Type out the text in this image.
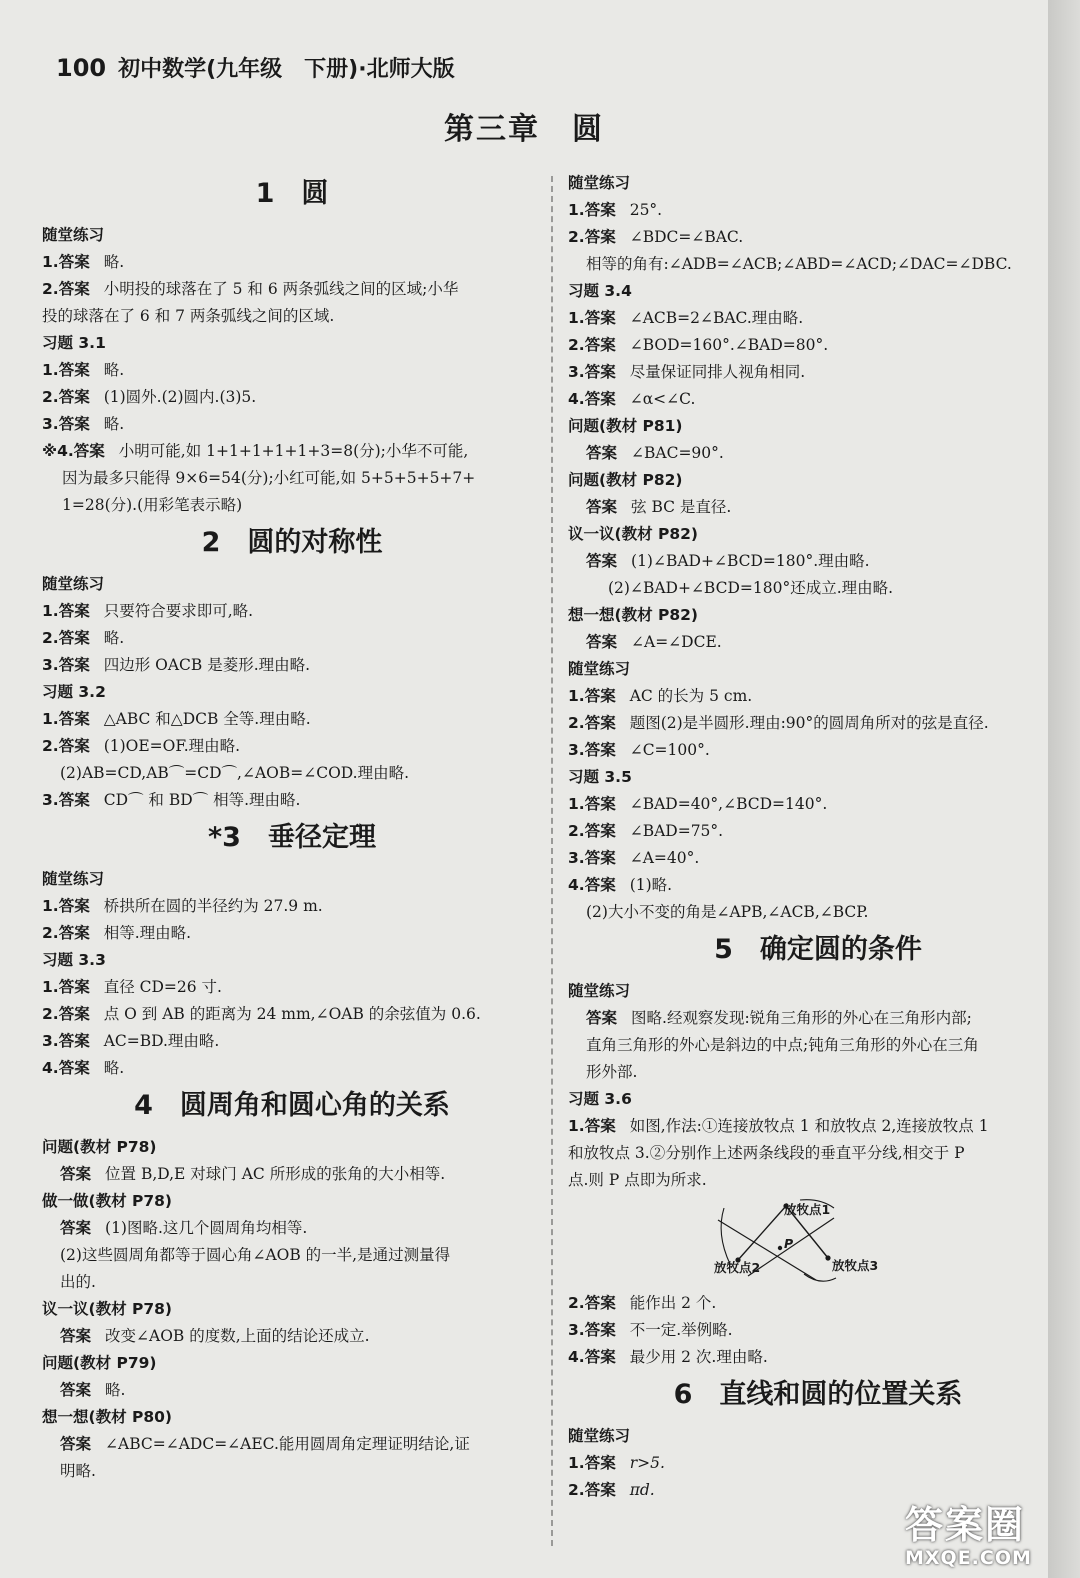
100 初中数学(九年级　下册)·北师大版
第三章　圆
1　圆
随堂练习
1.答案 略.
2.答案 小明投的球落在了 5 和 6 两条弧线之间的区域;小华
投的球落在了 6 和 7 两条弧线之间的区域.
习题 3.1
1.答案 略.
2.答案 (1)圆外.(2)圆内.(3)5.
3.答案 略.
※4.答案 小明可能,如 1+1+1+1+1+3=8(分);小华不可能,
因为最多只能得 9×6=54(分);小红可能,如 5+5+5+5+7+
1=28(分).(用彩笔表示略)
2　圆的对称性
随堂练习
1.答案 只要符合要求即可,略.
2.答案 略.
3.答案 四边形 OACB 是菱形.理由略.
习题 3.2
1.答案 △ABC 和△DCB 全等.理由略.
2.答案 (1)OE=OF.理由略.
(2)AB=CD,AB⌒=CD⌒,∠AOB=∠COD.理由略.
3.答案 CD⌒ 和 BD⌒ 相等.理由略.
*3　垂径定理
随堂练习
1.答案 桥拱所在圆的半径约为 27.9 m.
2.答案 相等.理由略.
习题 3.3
1.答案 直径 CD=26 寸.
2.答案 点 O 到 AB 的距离为 24 mm,∠OAB 的余弦值为 0.6.
3.答案 AC=BD.理由略.
4.答案 略.
4　圆周角和圆心角的关系
问题(教材 P78)
答案 位置 B,D,E 对球门 AC 所形成的张角的大小相等.
做一做(教材 P78)
答案 (1)图略.这几个圆周角均相等.
(2)这些圆周角都等于圆心角∠AOB 的一半,是通过测量得
出的.
议一议(教材 P78)
答案 改变∠AOB 的度数,上面的结论还成立.
问题(教材 P79)
答案 略.
想一想(教材 P80)
答案 ∠ABC=∠ADC=∠AEC.能用圆周角定理证明结论,证
明略.
随堂练习
1.答案 25°.
2.答案 ∠BDC=∠BAC.
相等的角有:∠ADB=∠ACB;∠ABD=∠ACD;∠DAC=∠DBC.
习题 3.4
1.答案 ∠ACB=2∠BAC.理由略.
2.答案 ∠BOD=160°.∠BAD=80°.
3.答案 尽量保证同排人视角相同.
4.答案 ∠α<∠C.
问题(教材 P81)
答案 ∠BAC=90°.
问题(教材 P82)
答案 弦 BC 是直径.
议一议(教材 P82)
答案 (1)∠BAD+∠BCD=180°.理由略.
(2)∠BAD+∠BCD=180°还成立.理由略.
想一想(教材 P82)
答案 ∠A=∠DCE.
随堂练习
1.答案 AC 的长为 5 cm.
2.答案 题图(2)是半圆形.理由:90°的圆周角所对的弦是直径.
3.答案 ∠C=100°.
习题 3.5
1.答案 ∠BAD=40°,∠BCD=140°.
2.答案 ∠BAD=75°.
3.答案 ∠A=40°.
4.答案 (1)略.
(2)大小不变的角是∠APB,∠ACB,∠BCP.
5　确定圆的条件
随堂练习
答案 图略.经观察发现:锐角三角形的外心在三角形内部;
直角三角形的外心是斜边的中点;钝角三角形的外心在三角
形外部.
习题 3.6
1.答案 如图,作法:①连接放牧点 1 和放牧点 2,连接放牧点 1
和放牧点 3.②分别作上述两条线段的垂直平分线,相交于 P
点.则 P 点即为所求.
放牧点1
放牧点2	放牧点3
P
2.答案 能作出 2 个.
3.答案 不一定.举例略.
4.答案 最少用 2 次.理由略.
6　直线和圆的位置关系
随堂练习
1.答案 r>5.
2.答案 πd.
答案圈
MXQE.COM
